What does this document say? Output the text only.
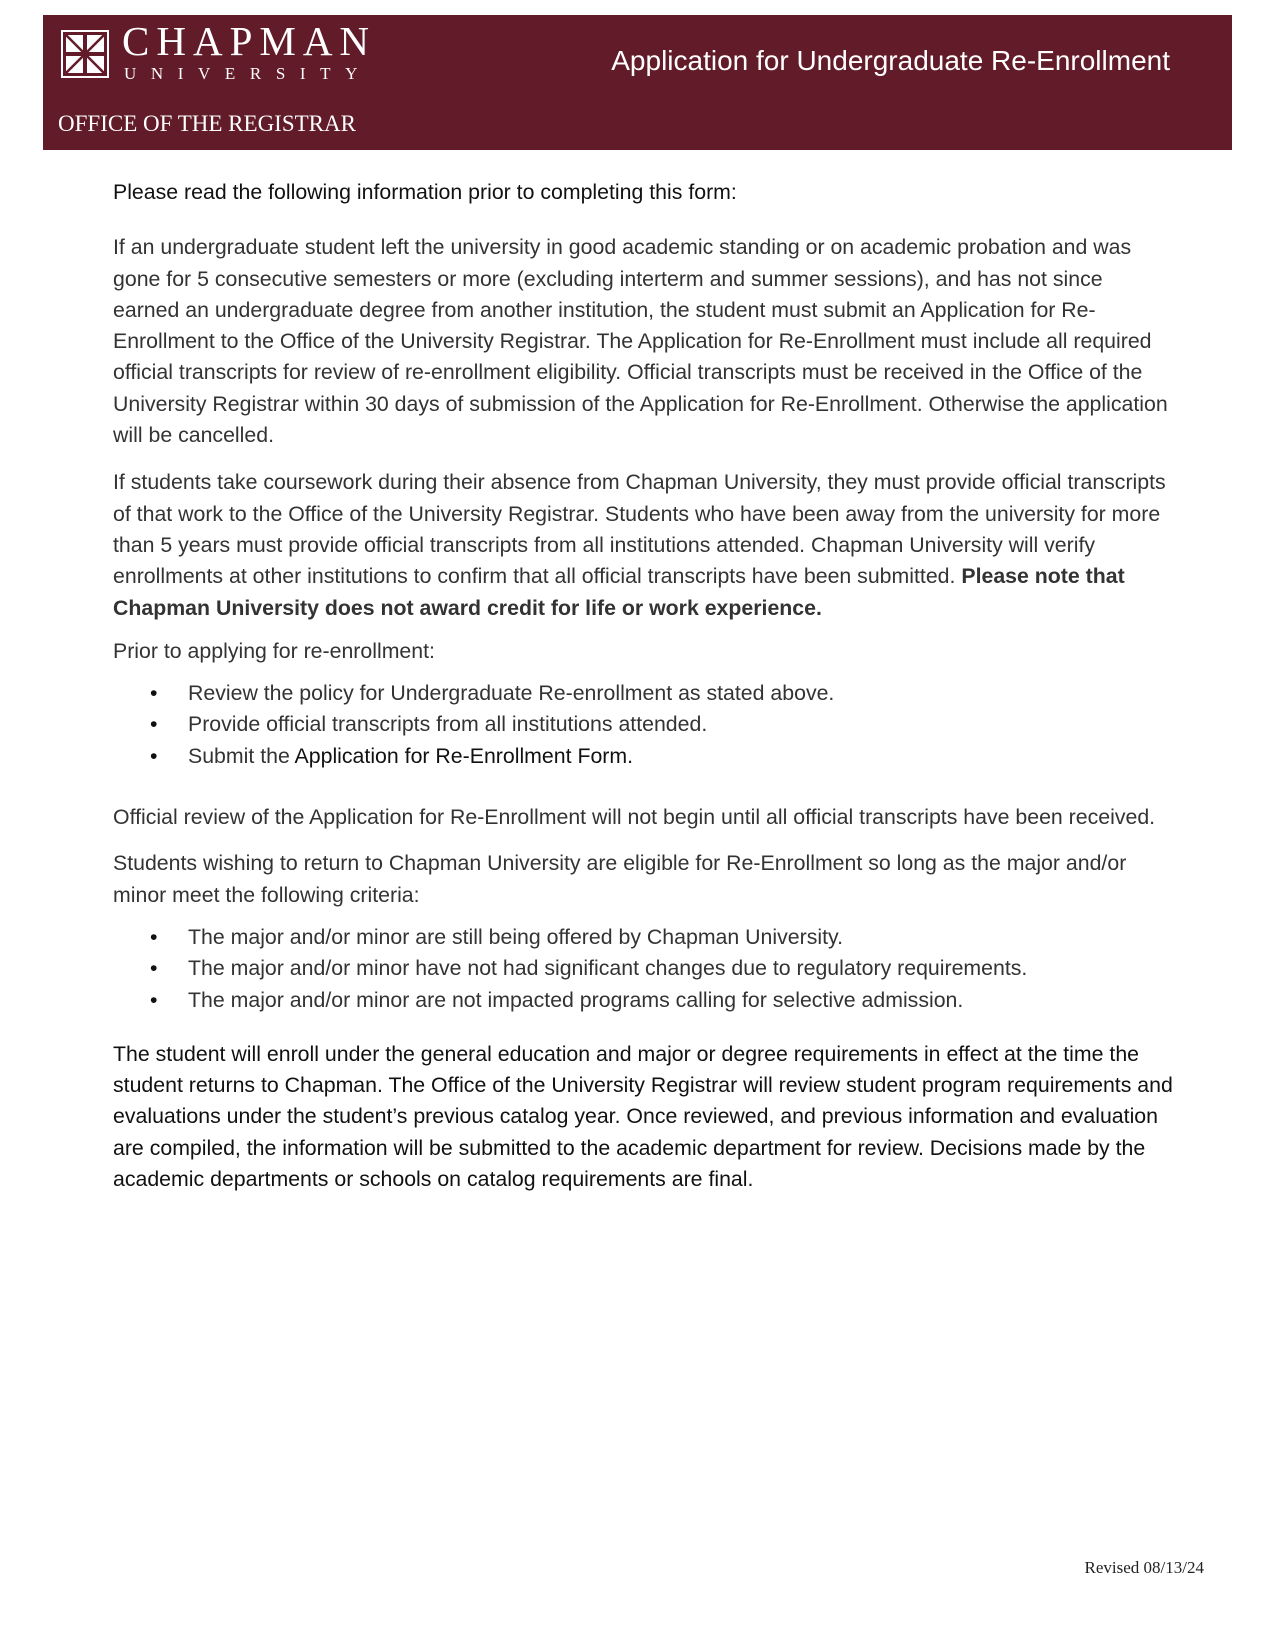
CHAPMAN
UNIVERSITY
OFFICE OF THE REGISTRAR
Application for Undergraduate Re-Enrollment

Please read the following information prior to completing this form:

If an undergraduate student left the university in good academic standing or on academic probation and was gone for 5 consecutive semesters or more (excluding interterm and summer sessions), and has not since earned an undergraduate degree from another institution, the student must submit an Application for Re-Enrollment to the Office of the University Registrar. The Application for Re-Enrollment must include all required official transcripts for review of re-enrollment eligibility. Official transcripts must be received in the Office of the University Registrar within 30 days of submission of the Application for Re-Enrollment. Otherwise the application will be cancelled.

If students take coursework during their absence from Chapman University, they must provide official transcripts of that work to the Office of the University Registrar. Students who have been away from the university for more than 5 years must provide official transcripts from all institutions attended. Chapman University will verify enrollments at other institutions to confirm that all official transcripts have been submitted. Please note that Chapman University does not award credit for life or work experience.

Prior to applying for re-enrollment:

• Review the policy for Undergraduate Re-enrollment as stated above.
• Provide official transcripts from all institutions attended.
• Submit the Application for Re-Enrollment Form.

Official review of the Application for Re-Enrollment will not begin until all official transcripts have been received.

Students wishing to return to Chapman University are eligible for Re-Enrollment so long as the major and/or minor meet the following criteria:

• The major and/or minor are still being offered by Chapman University.
• The major and/or minor have not had significant changes due to regulatory requirements.
• The major and/or minor are not impacted programs calling for selective admission.

The student will enroll under the general education and major or degree requirements in effect at the time the student returns to Chapman. The Office of the University Registrar will review student program requirements and evaluations under the student’s previous catalog year. Once reviewed, and previous information and evaluation are compiled, the information will be submitted to the academic department for review. Decisions made by the academic departments or schools on catalog requirements are final.

Revised 08/13/24
